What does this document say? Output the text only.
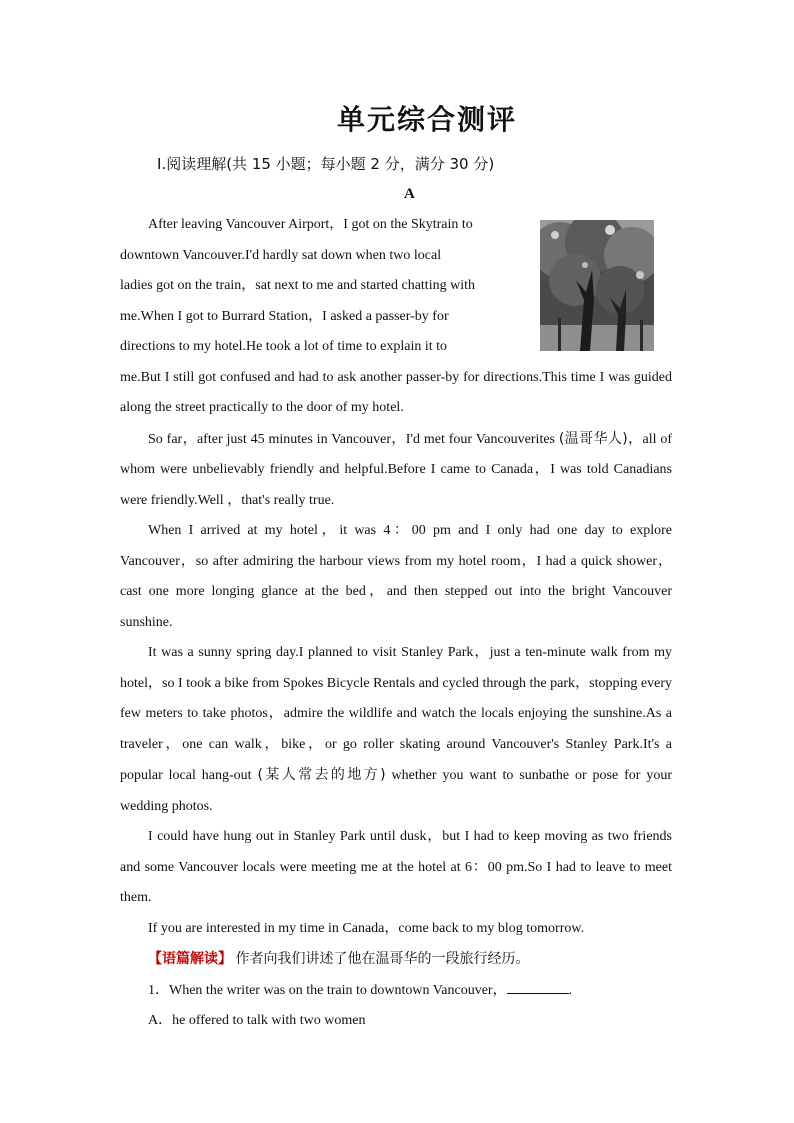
单元综合测评
Ⅰ.阅读理解(共 15 小题；每小题 2 分，满分 30 分)
A

After leaving Vancouver Airport，I got on the Skytrain to

downtown Vancouver.I'd hardly sat down when two local

ladies got on the train，sat next to me and started chatting with

me.When I got to Burrard Station，I asked a passer-by for

directions to my hotel.He took a lot of time to explain it to

me.But I still got confused and had to ask another passer-by for directions.This time I was guided along the street practically to the door of my hotel.

So far，after just 45 minutes in Vancouver，I'd met four Vancouverites (温哥华人)，all of whom were unbelievably friendly and helpful.Before I came to Canada，I was told Canadians were friendly.Well ，that's really true.

When I arrived at my hotel，it was 4：00 pm and I only had one day to explore Vancouver，so after admiring the harbour views from my hotel room，I had a quick shower，cast one more longing glance at the bed，and then stepped out into the bright Vancouver sunshine.

It was a sunny spring day.I planned to visit Stanley Park，just a ten-minute walk from my hotel，so I took a bike from Spokes Bicycle Rentals and cycled through the park，stopping every few meters to take photos，admire the wildlife and watch the locals enjoying the sunshine.As a traveler，one can walk，bike，or go roller skating around Vancouver's Stanley Park.It's a popular local hang-out (某人常去的地方) whether you want to sunbathe or pose for your wedding photos.

I could have hung out in Stanley Park until dusk，but I had to keep moving as two friends and some Vancouver locals were meeting me at the hotel at 6：00 pm.So I had to leave to meet them.

If you are interested in my time in Canada，come back to my blog tomorrow.

【语篇解读】 作者向我们讲述了他在温哥华的一段旅行经历。

1．When the writer was on the train to downtown Vancouver，	.

A．he offered to talk with two women
